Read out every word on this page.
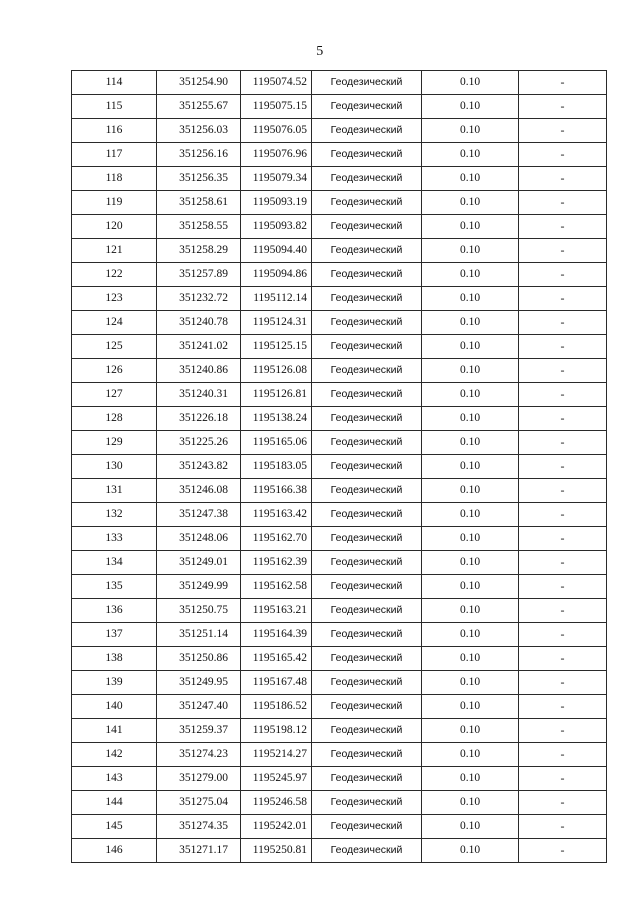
5
114	351254.90	1195074.52	Геодезический	0.10	-
115	351255.67	1195075.15	Геодезический	0.10	-
116	351256.03	1195076.05	Геодезический	0.10	-
117	351256.16	1195076.96	Геодезический	0.10	-
118	351256.35	1195079.34	Геодезический	0.10	-
119	351258.61	1195093.19	Геодезический	0.10	-
120	351258.55	1195093.82	Геодезический	0.10	-
121	351258.29	1195094.40	Геодезический	0.10	-
122	351257.89	1195094.86	Геодезический	0.10	-
123	351232.72	1195112.14	Геодезический	0.10	-
124	351240.78	1195124.31	Геодезический	0.10	-
125	351241.02	1195125.15	Геодезический	0.10	-
126	351240.86	1195126.08	Геодезический	0.10	-
127	351240.31	1195126.81	Геодезический	0.10	-
128	351226.18	1195138.24	Геодезический	0.10	-
129	351225.26	1195165.06	Геодезический	0.10	-
130	351243.82	1195183.05	Геодезический	0.10	-
131	351246.08	1195166.38	Геодезический	0.10	-
132	351247.38	1195163.42	Геодезический	0.10	-
133	351248.06	1195162.70	Геодезический	0.10	-
134	351249.01	1195162.39	Геодезический	0.10	-
135	351249.99	1195162.58	Геодезический	0.10	-
136	351250.75	1195163.21	Геодезический	0.10	-
137	351251.14	1195164.39	Геодезический	0.10	-
138	351250.86	1195165.42	Геодезический	0.10	-
139	351249.95	1195167.48	Геодезический	0.10	-
140	351247.40	1195186.52	Геодезический	0.10	-
141	351259.37	1195198.12	Геодезический	0.10	-
142	351274.23	1195214.27	Геодезический	0.10	-
143	351279.00	1195245.97	Геодезический	0.10	-
144	351275.04	1195246.58	Геодезический	0.10	-
145	351274.35	1195242.01	Геодезический	0.10	-
146	351271.17	1195250.81	Геодезический	0.10	-
